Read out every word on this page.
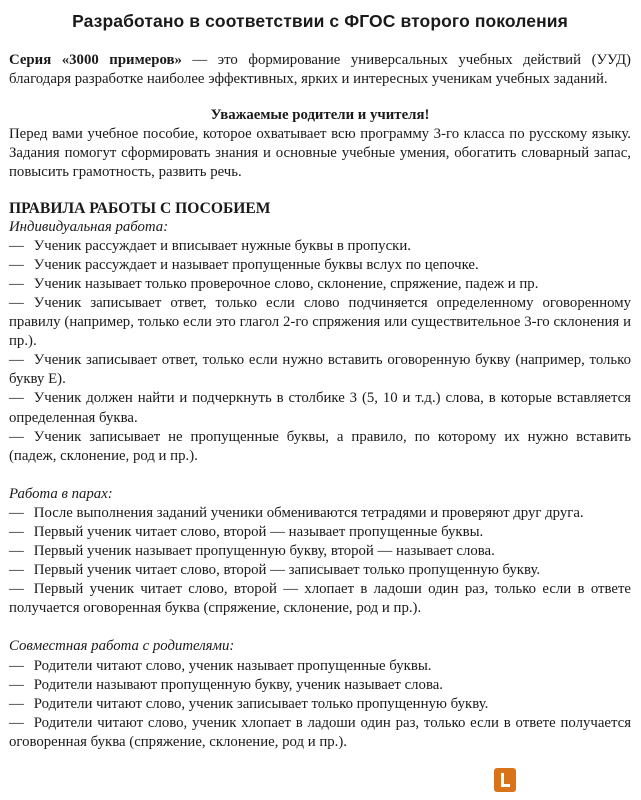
Разработано в соответствии с ФГОС второго поколения

Серия «3000 примеров» — это формирование универсальных учебных действий (УУД) благодаря разработке наиболее эффективных, ярких и интересных ученикам учебных заданий.

Уважаемые родители и учителя!

Перед вами учебное пособие, которое охватывает всю программу 3-го класса по русскому языку. Задания помогут сформировать знания и основные учебные умения, обогатить словарный запас, повысить грамотность, развить речь.

ПРАВИЛА РАБОТЫ С ПОСОБИЕМ

Индивидуальная работа:

— Ученик рассуждает и вписывает нужные буквы в пропуски.

— Ученик рассуждает и называет пропущенные буквы вслух по цепочке.

— Ученик называет только проверочное слово, склонение, спряжение, падеж и пр.

— Ученик записывает ответ, только если слово подчиняется определенному оговоренному правилу (например, только если это глагол 2-го спряжения или существительное 3-го склонения и пр.).

— Ученик записывает ответ, только если нужно вставить оговоренную букву (например, только букву Е).

— Ученик должен найти и подчеркнуть в столбике 3 (5, 10 и т.д.) слова, в которые вставляется определенная буква.

— Ученик записывает не пропущенные буквы, а правило, по которому их нужно вставить (падеж, склонение, род и пр.).

Работа в парах:

— После выполнения заданий ученики обмениваются тетрадями и проверяют друг друга.

— Первый ученик читает слово, второй — называет пропущенные буквы.

— Первый ученик называет пропущенную букву, второй — называет слова.

— Первый ученик читает слово, второй — записывает только пропущенную букву.

— Первый ученик читает слово, второй — хлопает в ладоши один раз, только если в ответе получается оговоренная буква (спряжение, склонение, род и пр.).

Совместная работа с родителями:

— Родители читают слово, ученик называет пропущенные буквы.

— Родители называют пропущенную букву, ученик называет слова.

— Родители читают слово, ученик записывает только пропущенную букву.

— Родители читают слово, ученик хлопает в ладоши один раз, только если в ответе получается оговоренная буква (спряжение, склонение, род и пр.).
